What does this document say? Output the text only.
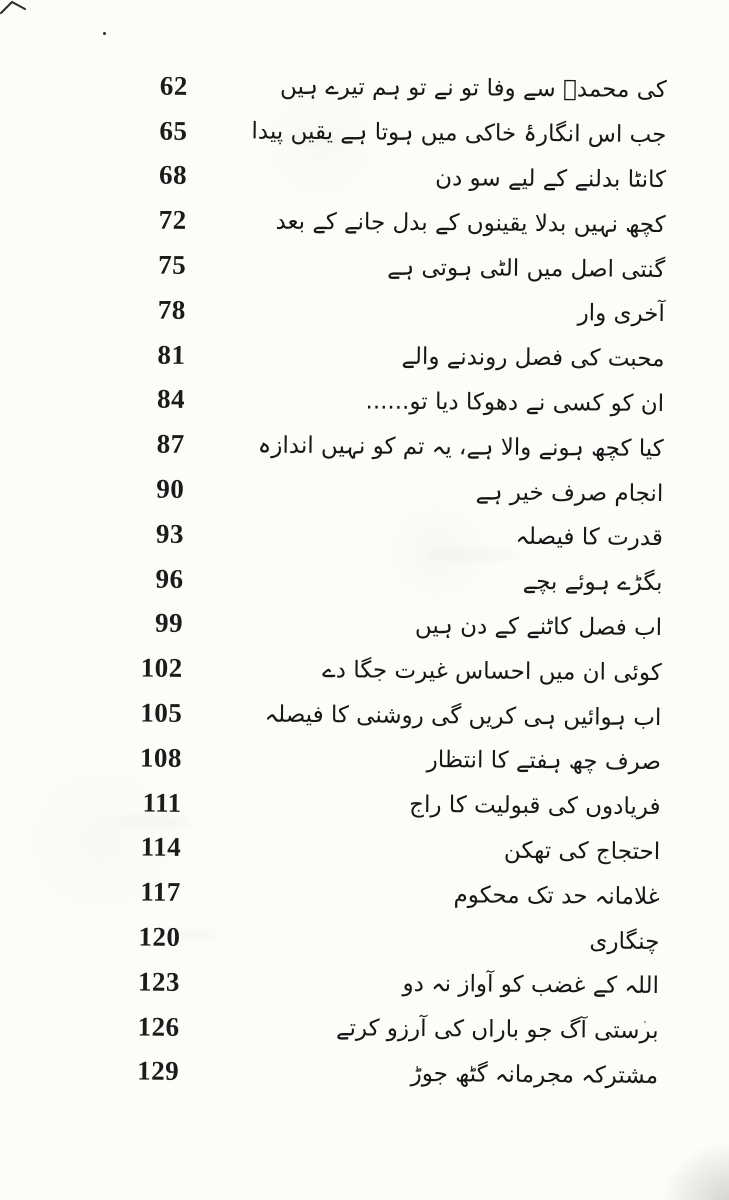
62	کی محمدؐ سے وفا تو نے تو ہم تیرے ہیں
65	جب اس انگارۂ خاکی میں ہوتا ہے یقیں پیدا
68	کانٹا بدلنے کے لیے سو دن
72	کچھ نہیں بدلا یقینوں کے بدل جانے کے بعد
75	گنتی اصل میں الٹی ہوتی ہے
78	آخری وار
81	محبت کی فصل روندنے والے
84	ان کو کسی نے دھوکا دیا تو......
87	کیا کچھ ہونے والا ہے، یہ تم کو نہیں اندازہ
90	انجام صرف خیر ہے
93	قدرت کا فیصلہ
96	بگڑے ہوئے بچے
99	اب فصل کاٹنے کے دن ہیں
102	کوئی ان میں احساس غیرت جگا دے
105	اب ہوائیں ہی کریں گی روشنی کا فیصلہ
108	صرف چھ ہفتے کا انتظار
111	فریادوں کی قبولیت کا راج
114	احتجاج کی تھکن
117	غلامانہ حد تک محکوم
120	چنگاری
123	اللہ کے غضب کو آواز نہ دو
126	برستی آگ جو باراں کی آرزو کرتے
129	مشترکہ مجرمانہ گٹھ جوڑ
